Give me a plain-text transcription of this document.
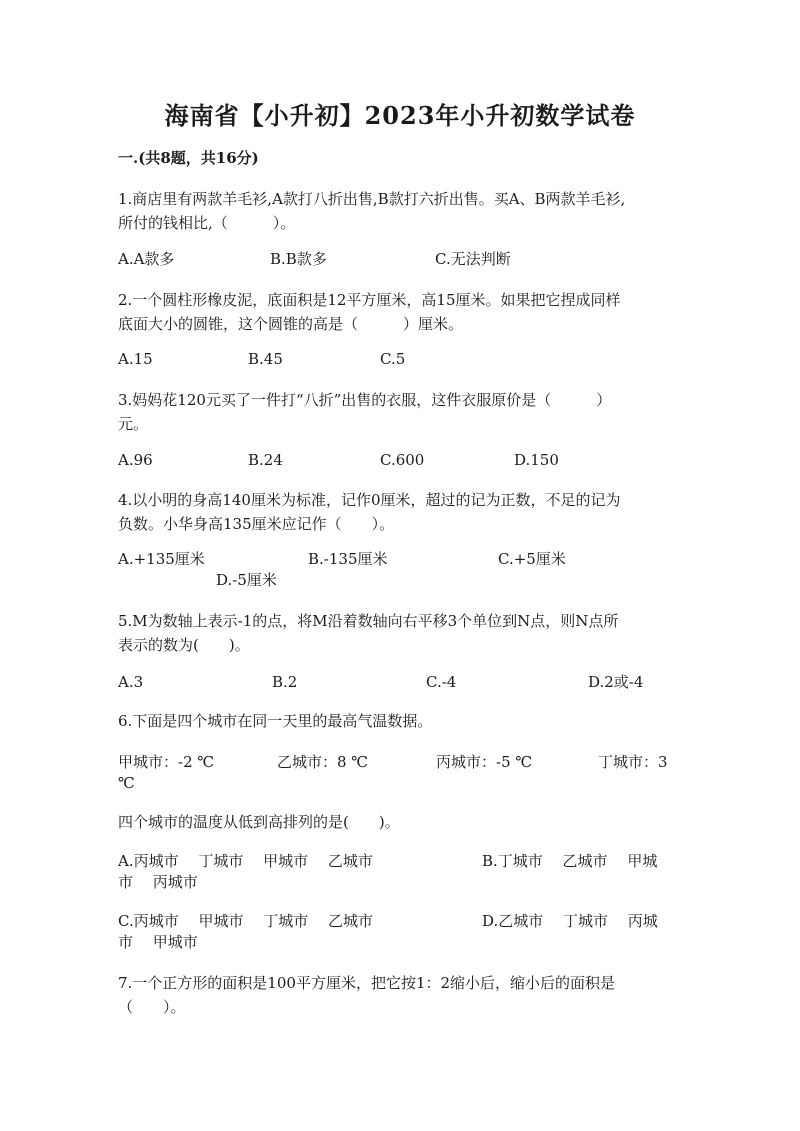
海南省【小升初】2023年小升初数学试卷
一.(共8题，共16分)
1.商店里有两款羊毛衫,A款打八折出售,B款打六折出售。买A、B两款羊毛衫,
所付的钱相比,（　　　）。
A.A款多	B.B款多	C.无法判断
2.一个圆柱形橡皮泥，底面积是12平方厘米，高15厘米。如果把它捏成同样
底面大小的圆锥，这个圆锥的高是（　　　）厘米。
A.15	B.45	C.5
3.妈妈花120元买了一件打“八折”出售的衣服，这件衣服原价是（　　　）
元。
A.96	B.24	C.600	D.150
4.以小明的身高140厘米为标准，记作0厘米，超过的记为正数，不足的记为
负数。小华身高135厘米应记作（　　）。
A.+135厘米	B.-135厘米	C.+5厘米
D.-5厘米
5.M为数轴上表示-1的点，将M沿着数轴向右平移3个单位到N点，则N点所
表示的数为(　　)。
A.3	B.2	C.-4	D.2或-4
6.下面是四个城市在同一天里的最高气温数据。
甲城市：-2 ℃	乙城市：8 ℃	丙城市：-5 ℃	丁城市：3
℃
四个城市的温度从低到高排列的是(　　)。
A.丙城市　 丁城市　 甲城市　 乙城市	B.丁城市　 乙城市　 甲城
市　 丙城市
C.丙城市　 甲城市　 丁城市　 乙城市	D.乙城市　 丁城市　 丙城
市　 甲城市
7.一个正方形的面积是100平方厘米，把它按1：2缩小后，缩小后的面积是
（　　）。
